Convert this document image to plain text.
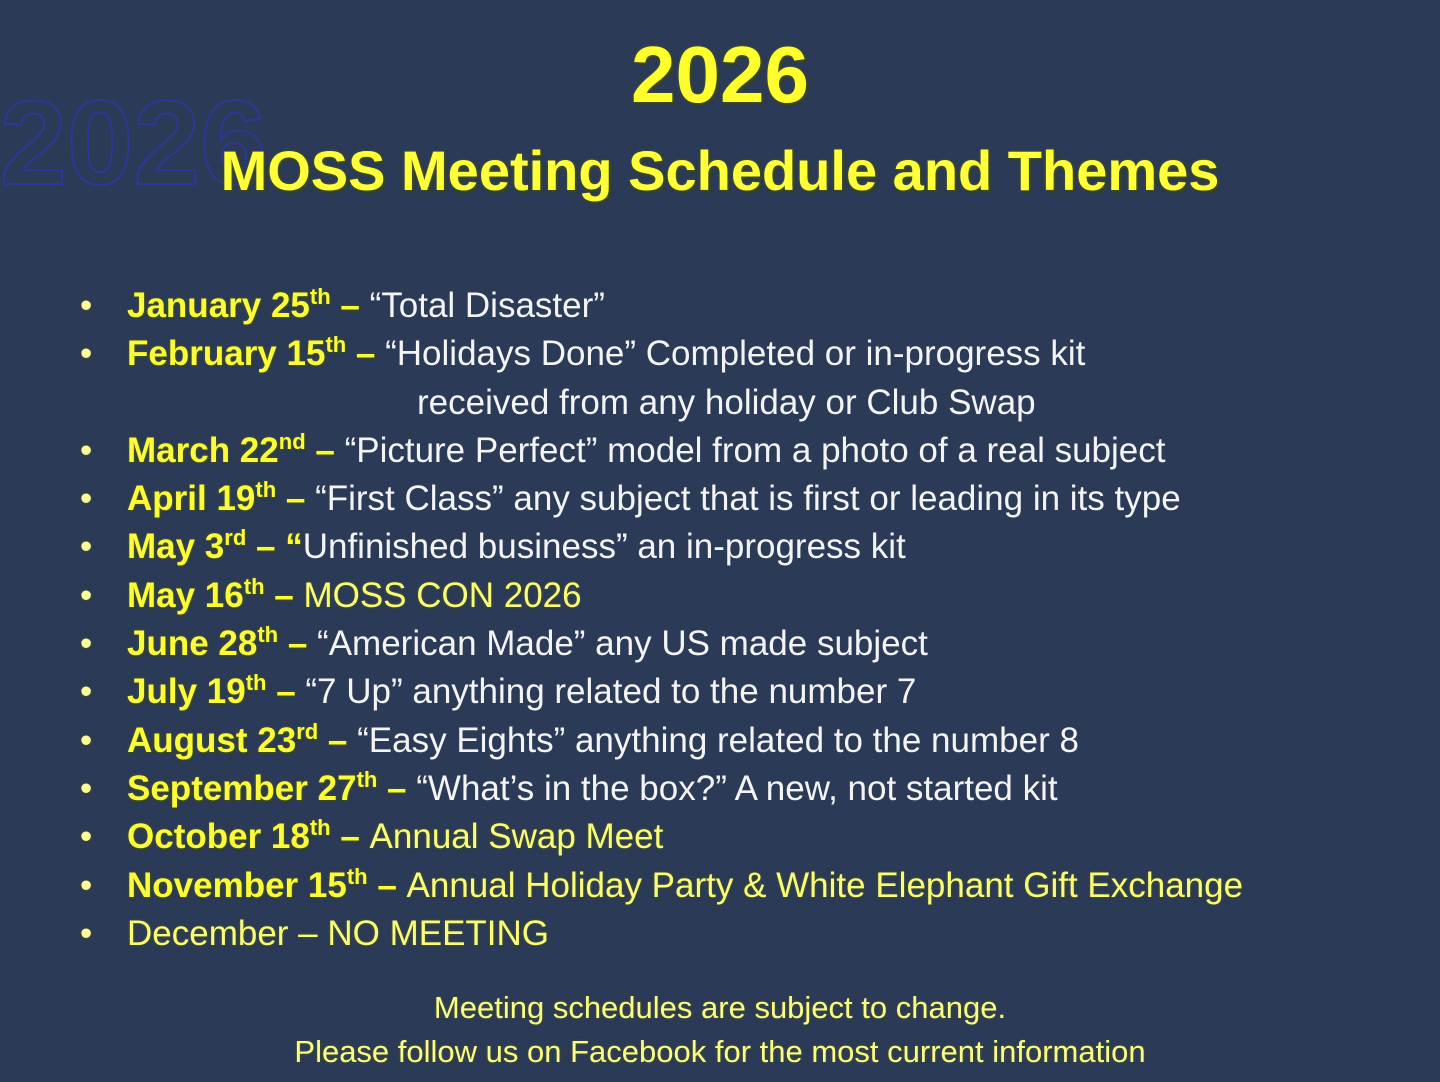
2026
2026
MOSS Meeting Schedule and Themes
• January 25th – “Total Disaster”
• February 15th – “Holidays Done” Completed or in-progress kit
received from any holiday or Club Swap
• March 22nd – “Picture Perfect” model from a photo of a real subject
• April 19th – “First Class” any subject that is first or leading in its type
• May 3rd – “Unfinished business” an in-progress kit
• May 16th – MOSS CON 2026
• June 28th – “American Made” any US made subject
• July 19th – “7 Up” anything related to the number 7
• August 23rd – “Easy Eights” anything related to the number 8
• September 27th – “What’s in the box?” A new, not started kit
• October 18th – Annual Swap Meet
• November 15th – Annual Holiday Party & White Elephant Gift Exchange
• December – NO MEETING
Meeting schedules are subject to change.
Please follow us on Facebook for the most current information
